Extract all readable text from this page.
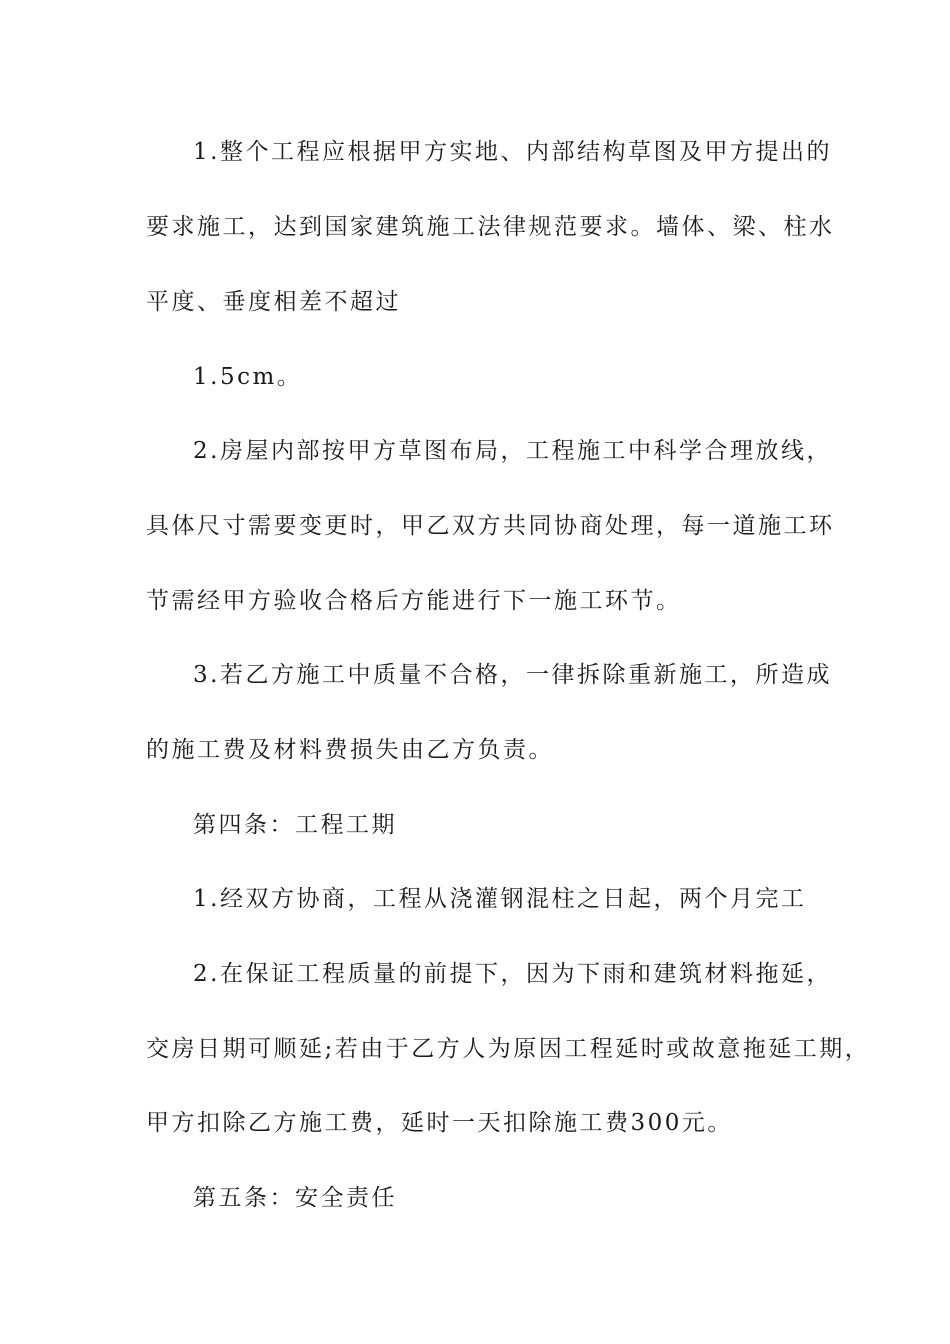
1.整个工程应根据甲方实地、内部结构草图及甲方提出的
要求施工，达到国家建筑施工法律规范要求。墙体、梁、柱水
平度、垂度相差不超过
1.5cm。
2.房屋内部按甲方草图布局，工程施工中科学合理放线，
具体尺寸需要变更时，甲乙双方共同协商处理，每一道施工环
节需经甲方验收合格后方能进行下一施工环节。
3.若乙方施工中质量不合格，一律拆除重新施工，所造成
的施工费及材料费损失由乙方负责。
第四条：工程工期
1.经双方协商，工程从浇灌钢混柱之日起，两个月完工
2.在保证工程质量的前提下，因为下雨和建筑材料拖延，
交房日期可顺延;若由于乙方人为原因工程延时或故意拖延工期，
甲方扣除乙方施工费，延时一天扣除施工费300元。
第五条：安全责任
